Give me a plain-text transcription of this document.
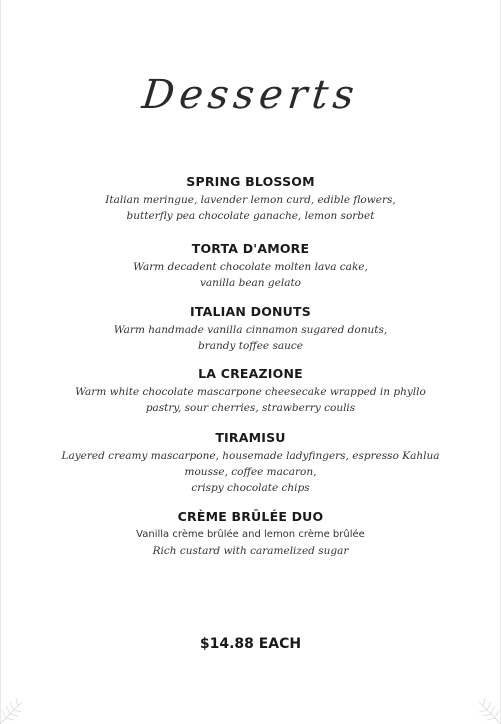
Desserts
SPRING BLOSSOM
Italian meringue, lavender lemon curd, edible flowers,
butterfly pea chocolate ganache, lemon sorbet
TORTA D'AMORE
Warm decadent chocolate molten lava cake,
vanilla bean gelato
ITALIAN DONUTS
Warm handmade vanilla cinnamon sugared donuts,
brandy toffee sauce
LA CREAZIONE
Warm white chocolate mascarpone cheesecake wrapped in phyllo
pastry, sour cherries, strawberry coulis
TIRAMISU
Layered creamy mascarpone, housemade ladyfingers, espresso Kahlua
mousse, coffee macaron,
crispy chocolate chips
CRÈME BRÛLÉE DUO
Vanilla crème brûlée and lemon crème brûlée
Rich custard with caramelized sugar
$14.88 EACH
